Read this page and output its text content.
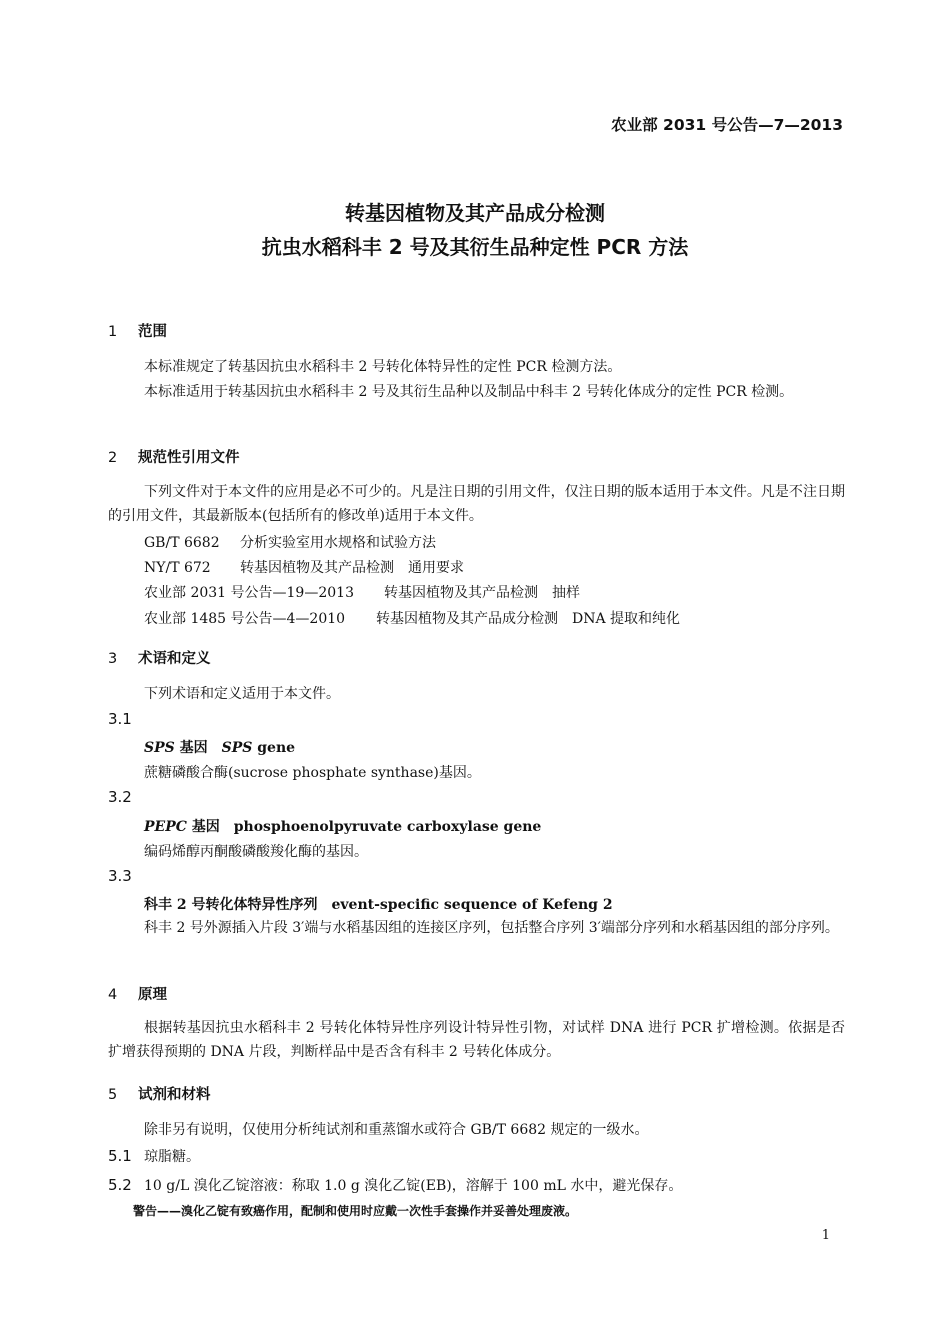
农业部 2031 号公告—7—2013
转基因植物及其产品成分检测
抗虫水稻科丰 2 号及其衍生品种定性 PCR 方法
1 范围
本标准规定了转基因抗虫水稻科丰 2 号转化体特异性的定性 PCR 检测方法。
本标准适用于转基因抗虫水稻科丰 2 号及其衍生品种以及制品中科丰 2 号转化体成分的定性 PCR 检测。
2 规范性引用文件
下列文件对于本文件的应用是必不可少的。凡是注日期的引用文件，仅注日期的版本适用于本文件。凡是不注日期的引用文件，其最新版本(包括所有的修改单)适用于本文件。
GB/T 6682 分析实验室用水规格和试验方法
NY/T 672 转基因植物及其产品检测　通用要求
农业部 2031 号公告—19—2013 转基因植物及其产品检测　抽样
农业部 1485 号公告—4—2010 转基因植物及其产品成分检测　DNA 提取和纯化
3 术语和定义
下列术语和定义适用于本文件。
3.1
SPS 基因　SPS gene
蔗糖磷酸合酶(sucrose phosphate synthase)基因。
3.2
PEPC 基因　phosphoenolpyruvate carboxylase gene
编码烯醇丙酮酸磷酸羧化酶的基因。
3.3
科丰 2 号转化体特异性序列　event-specific sequence of Kefeng 2
科丰 2 号外源插入片段 3′端与水稻基因组的连接区序列，包括整合序列 3′端部分序列和水稻基因组的部分序列。
4 原理
根据转基因抗虫水稻科丰 2 号转化体特异性序列设计特异性引物，对试样 DNA 进行 PCR 扩增检测。依据是否扩增获得预期的 DNA 片段，判断样品中是否含有科丰 2 号转化体成分。
5 试剂和材料
除非另有说明，仅使用分析纯试剂和重蒸馏水或符合 GB/T 6682 规定的一级水。
5.1 琼脂糖。
5.2 10 g/L 溴化乙锭溶液：称取 1.0 g 溴化乙锭(EB)，溶解于 100 mL 水中，避光保存。
警告——溴化乙锭有致癌作用，配制和使用时应戴一次性手套操作并妥善处理废液。
1
